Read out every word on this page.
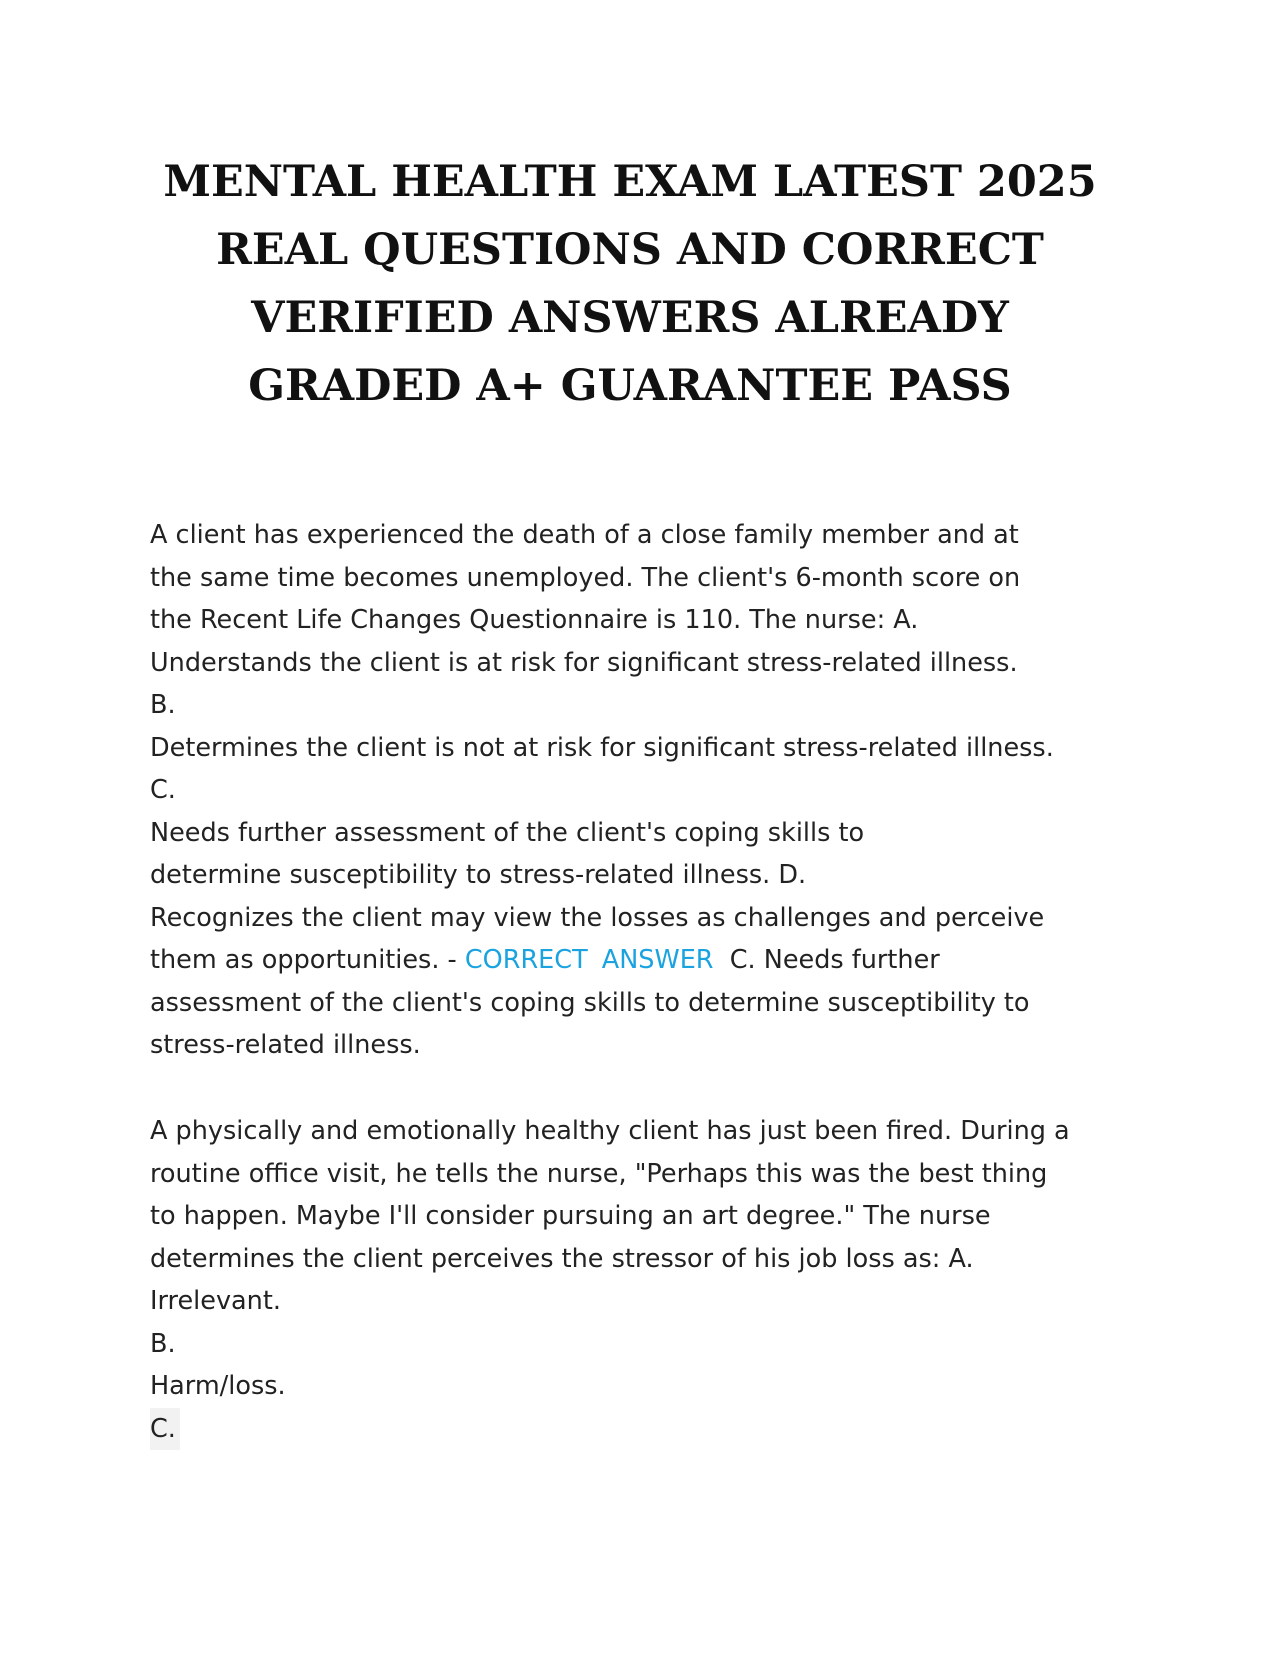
MENTAL HEALTH EXAM LATEST 2025
REAL QUESTIONS AND CORRECT
VERIFIED ANSWERS ALREADY
GRADED A+ GUARANTEE PASS
A client has experienced the death of a close family member and at
the same time becomes unemployed. The client's 6-month score on
the Recent Life Changes Questionnaire is 110. The nurse: A.
Understands the client is at risk for significant stress-related illness.
B.
Determines the client is not at risk for significant stress-related illness.
C.
Needs further assessment of the client's coping skills to
determine susceptibility to stress-related illness. D.
Recognizes the client may view the losses as challenges and perceive
them as opportunities. - CORRECT ANSWER  C. Needs further
assessment of the client's coping skills to determine susceptibility to
stress-related illness.
A physically and emotionally healthy client has just been fired. During a
routine office visit, he tells the nurse, "Perhaps this was the best thing
to happen. Maybe I'll consider pursuing an art degree." The nurse
determines the client perceives the stressor of his job loss as: A.
Irrelevant.
B.
Harm/loss.
C.
